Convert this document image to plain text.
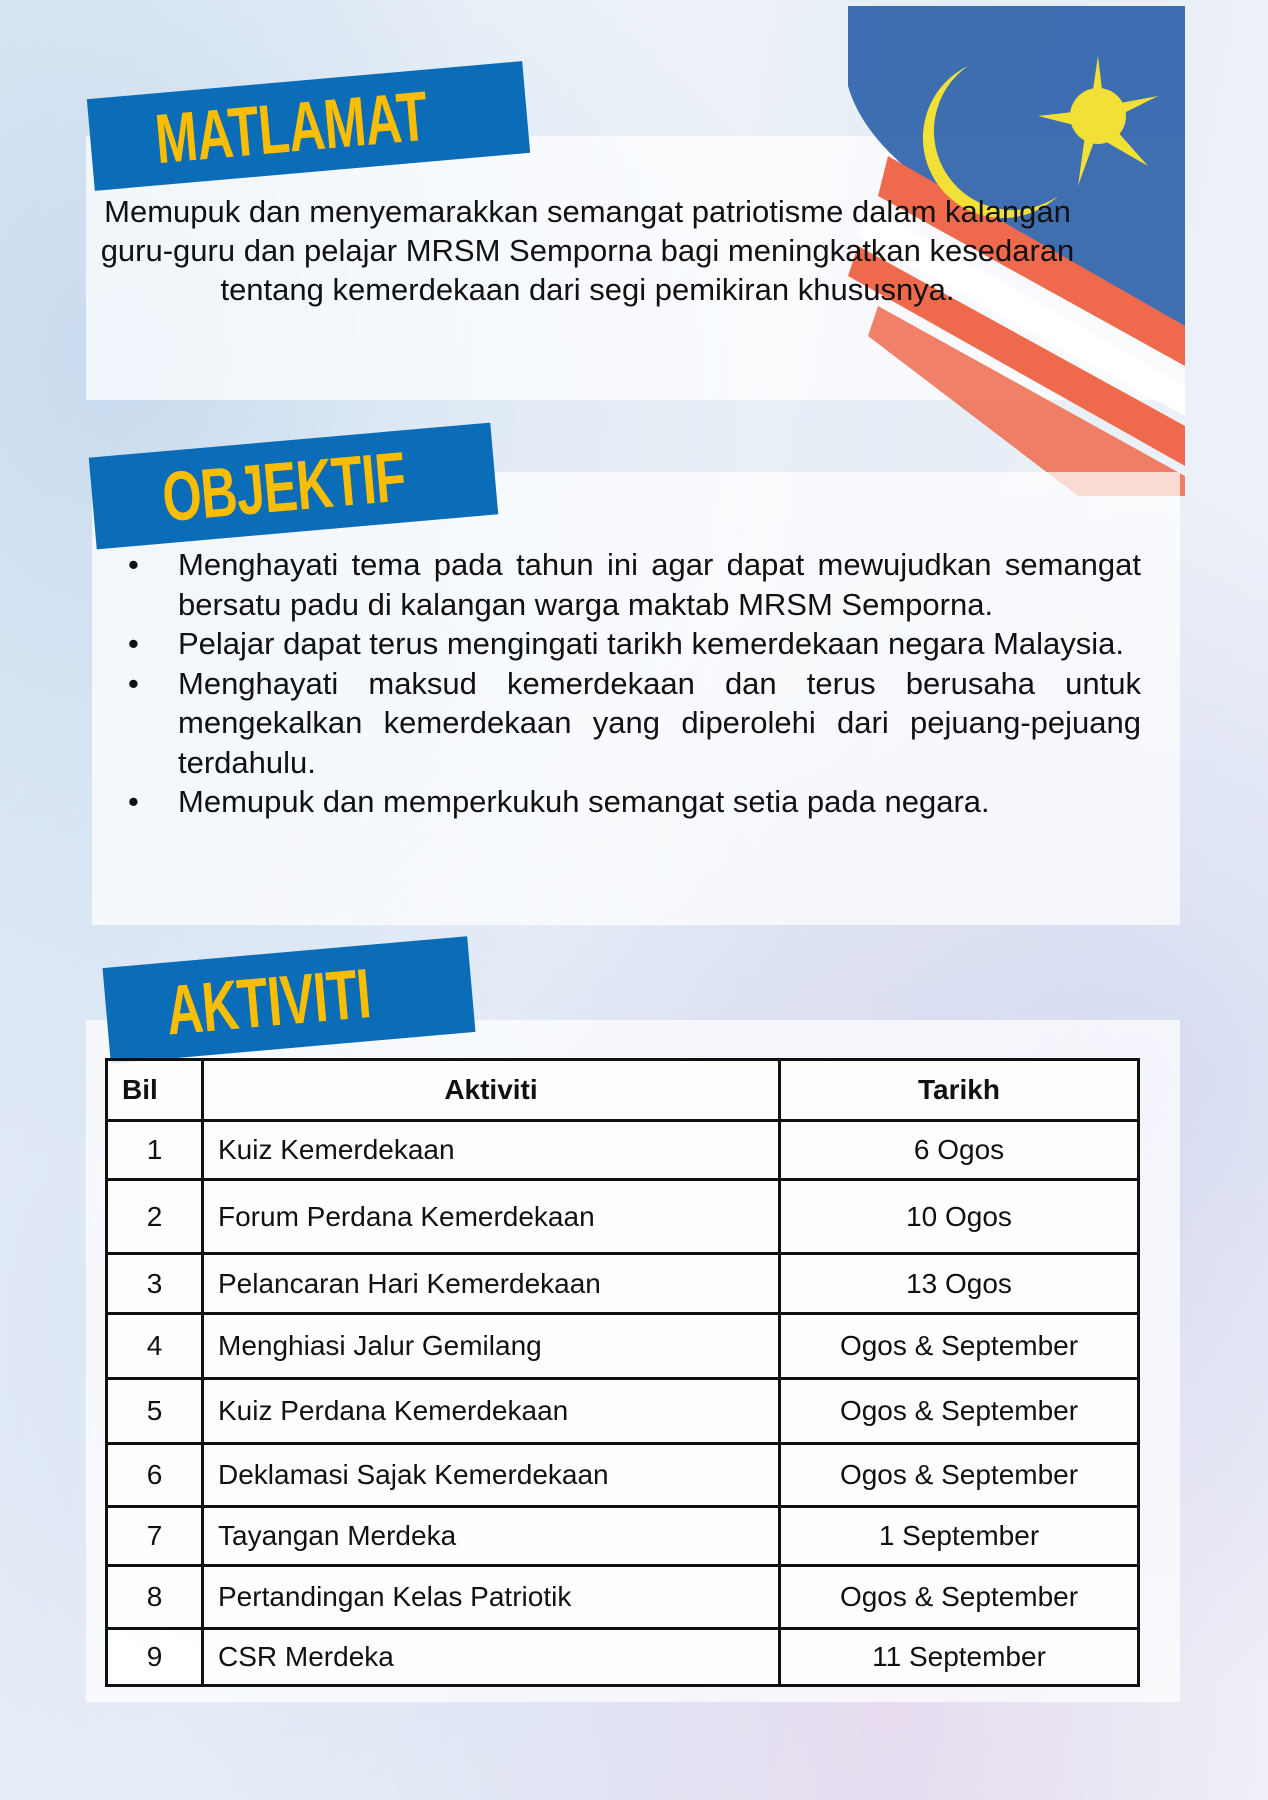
MATLAMAT
Memupuk dan menyemarakkan semangat patriotisme dalam kalangan guru-guru dan pelajar MRSM Semporna bagi meningkatkan kesedaran tentang kemerdekaan dari segi pemikiran khususnya.
OBJEKTIF
• Menghayati tema pada tahun ini agar dapat mewujudkan semangat bersatu padu di kalangan warga maktab MRSM Semporna.
• Pelajar dapat terus mengingati tarikh kemerdekaan negara Malaysia.
• Menghayati maksud kemerdekaan dan terus berusaha untuk mengekalkan kemerdekaan yang diperolehi dari pejuang-pejuang terdahulu.
• Memupuk dan memperkukuh semangat setia pada negara.
AKTIVITI
Bil	Aktiviti	Tarikh
1	Kuiz Kemerdekaan	6 Ogos
2	Forum Perdana Kemerdekaan	10 Ogos
3	Pelancaran Hari Kemerdekaan	13 Ogos
4	Menghiasi Jalur Gemilang	Ogos & September
5	Kuiz Perdana Kemerdekaan	Ogos & September
6	Deklamasi Sajak Kemerdekaan	Ogos & September
7	Tayangan Merdeka	1 September
8	Pertandingan Kelas Patriotik	Ogos & September
9	CSR Merdeka	11 September
